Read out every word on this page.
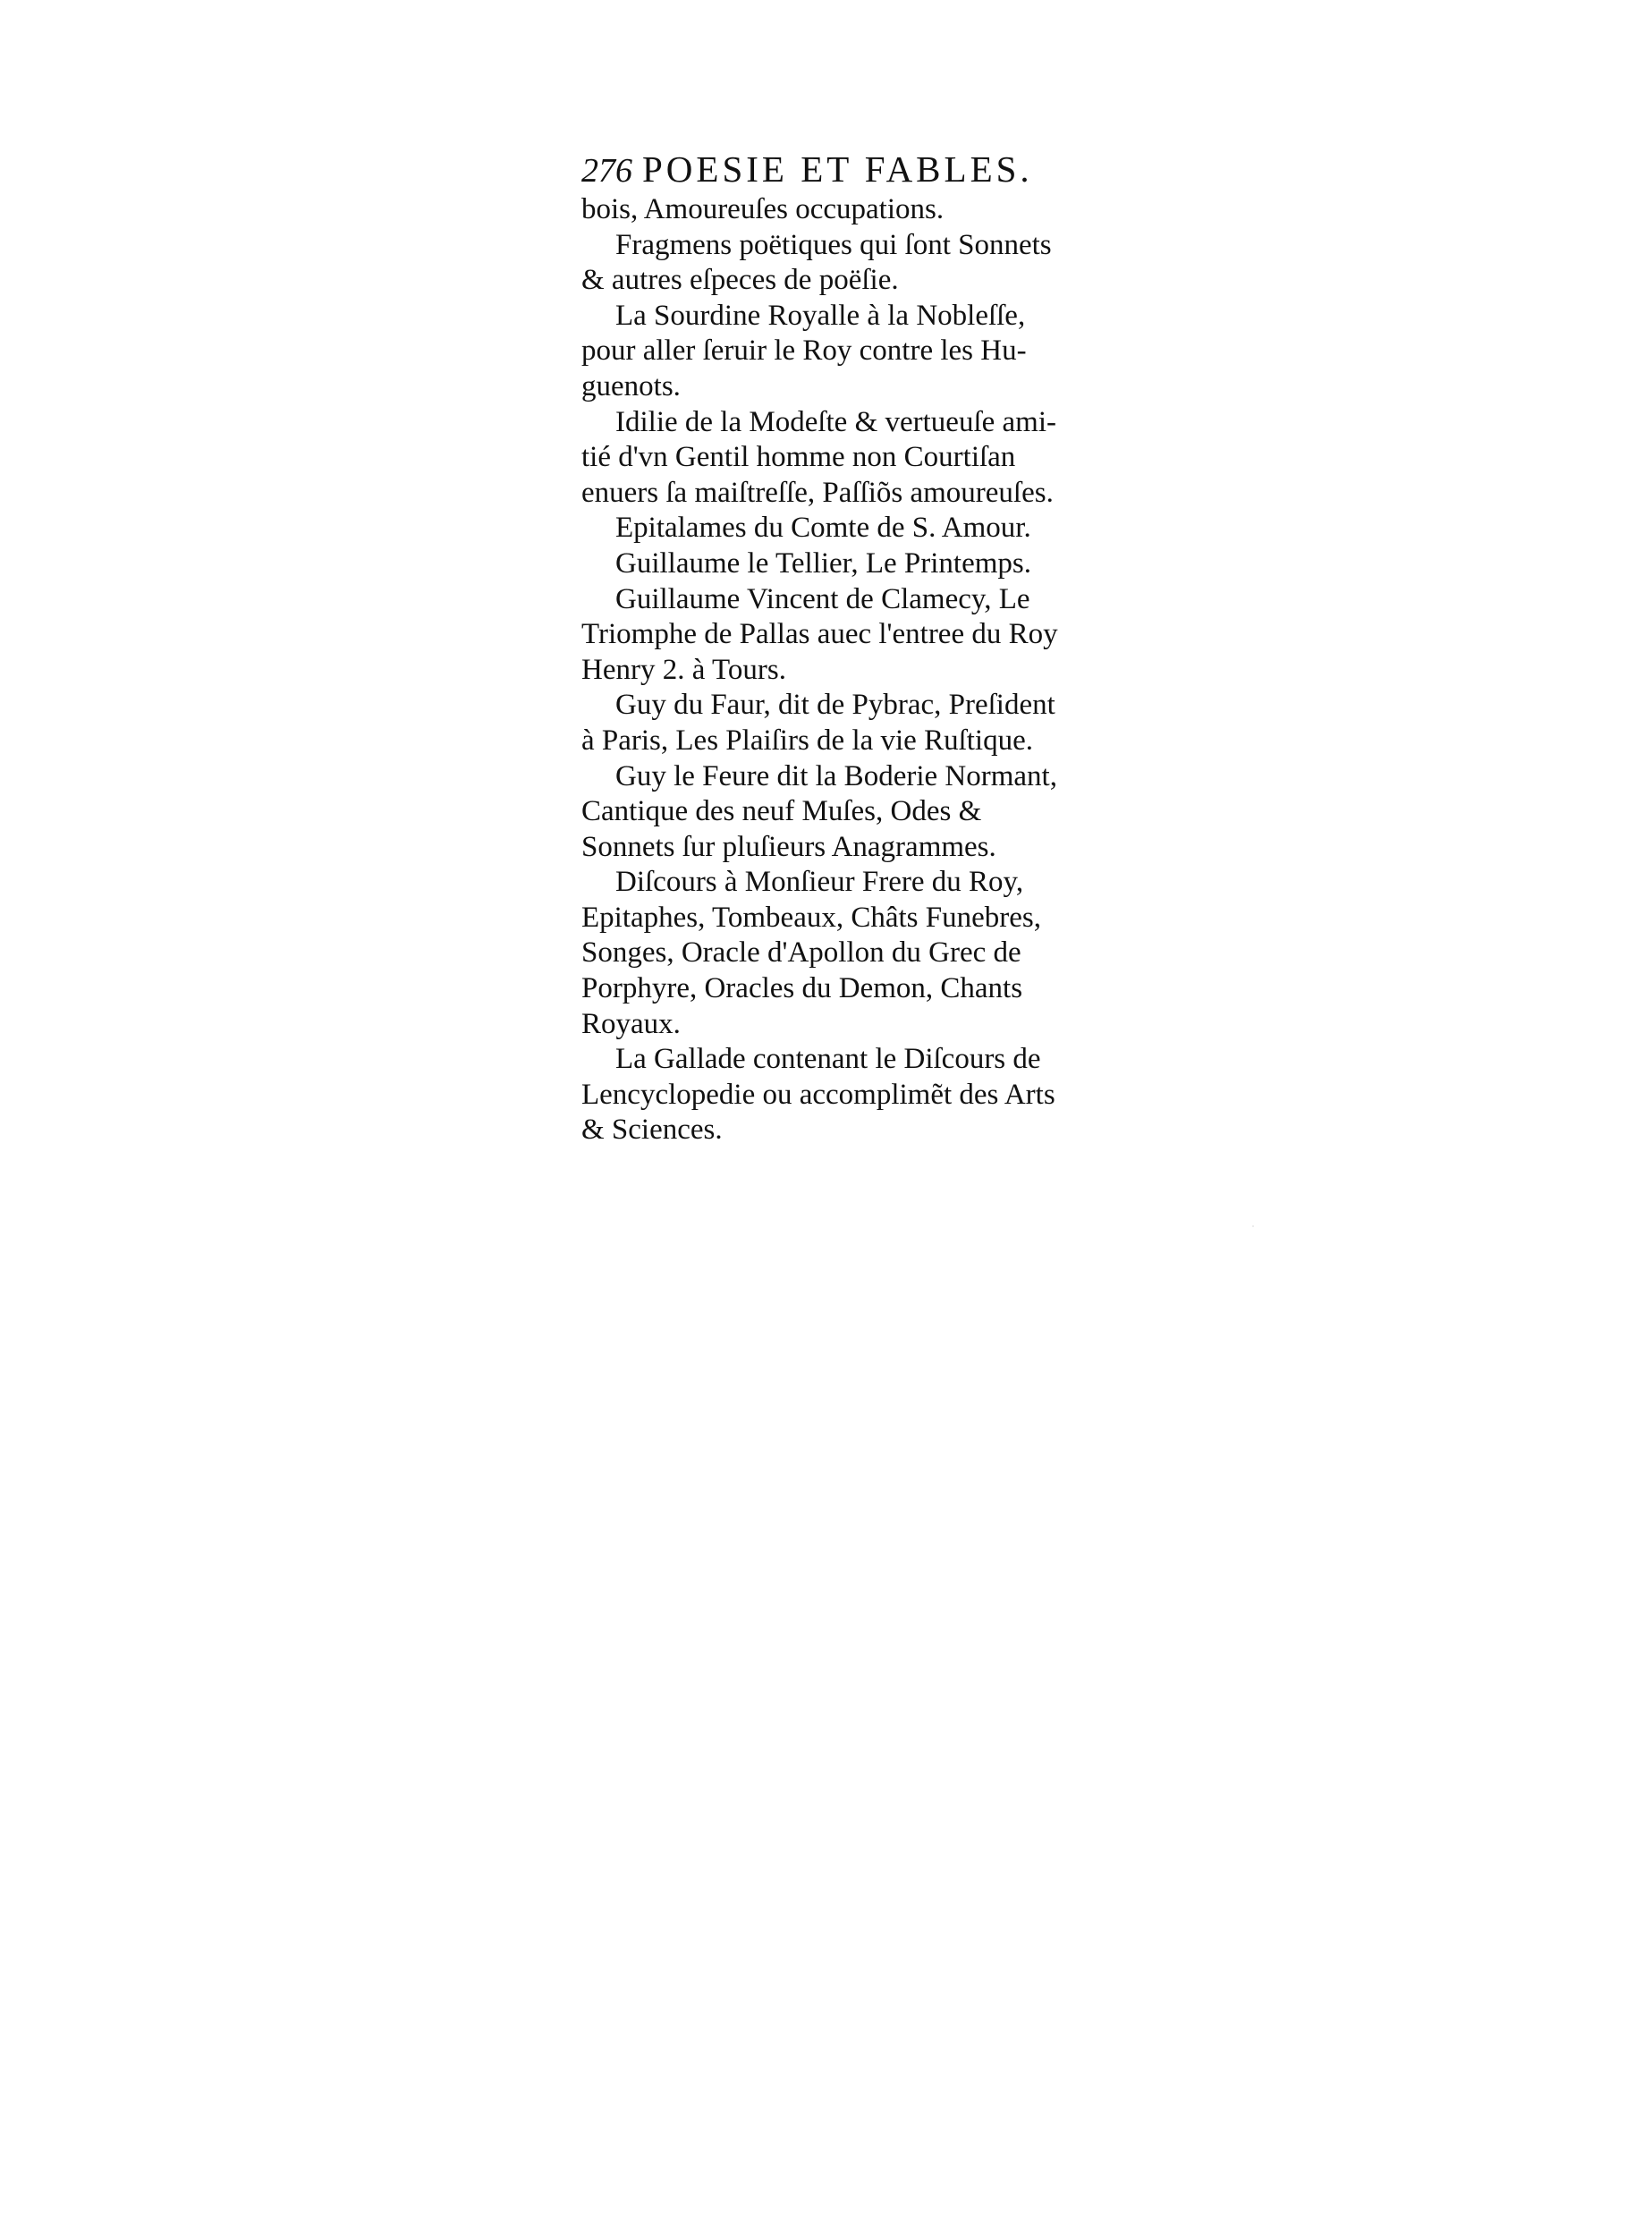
276 POESIE ET FABLES.
bois, Amoureuſes occupations.
Fragmens poëtiques qui ſont Sonnets
& autres eſpeces de poëſie.
La Sourdine Royalle à la Nobleſſe,
pour aller ſeruir le Roy contre les Hu-
guenots.
Idilie de la Modeſte & vertueuſe ami-
tié d'vn Gentil homme non Courtiſan
enuers ſa maiſtreſſe, Paſſiõs amoureuſes.
Epitalames du Comte de S. Amour.
Guillaume le Tellier, Le Printemps.
Guillaume Vincent de Clamecy, Le
Triomphe de Pallas auec l'entree du Roy
Henry 2. à Tours.
Guy du Faur, dit de Pybrac, Preſident
à Paris, Les Plaiſirs de la vie Ruſtique.
Guy le Feure dit la Boderie Normant,
Cantique des neuf Muſes, Odes &
Sonnets ſur pluſieurs Anagrammes.
Diſcours à Monſieur Frere du Roy,
Epitaphes, Tombeaux, Châts Funebres,
Songes, Oracle d'Apollon du Grec de
Porphyre, Oracles du Demon, Chants
Royaux.
La Gallade contenant le Diſcours de
Lencyclopedie ou accomplimẽt des Arts
& Sciences.
